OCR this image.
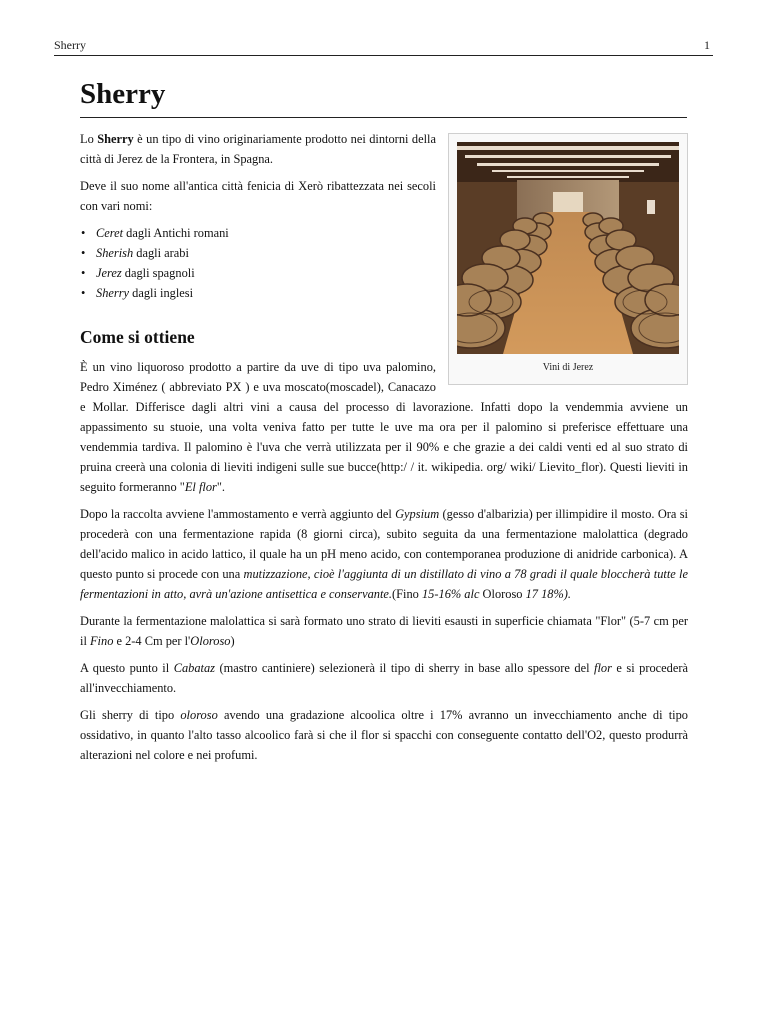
Sherry	1
Sherry
Vini di Jerez

Lo Sherry è un tipo di vino originariamente prodotto nei dintorni della città di Jerez de la Frontera, in Spagna.

Deve il suo nome all'antica città fenicia di Xerò ribattezzata nei secoli con vari nomi:

• Ceret dagli Antichi romani
• Sherish dagli arabi
• Jerez dagli spagnoli
• Sherry dagli inglesi
Come si ottiene

È un vino liquoroso prodotto a partire da uve di tipo uva palomino, Pedro Ximénez ( abbreviato PX ) e uva moscato(moscadel), Canacazo e Mollar. Differisce dagli altri vini a causa del processo di lavorazione. Infatti dopo la vendemmia avviene un appassimento su stuoie, una volta veniva fatto per tutte le uve ma ora per il palomino si preferisce effettuare una vendemmia tardiva. Il palomino è l'uva che verrà utilizzata per il 90% e che grazie a dei caldi venti ed al suo strato di pruina creerà una colonia di lieviti indigeni sulle sue bucce(http:/ / it. wikipedia. org/ wiki/ Lievito_flor). Questi lieviti in seguito formeranno "El flor".

Dopo la raccolta avviene l'ammostamento e verrà aggiunto del Gypsium (gesso d'albarizia) per illimpidire il mosto. Ora si procederà con una fermentazione rapida (8 giorni circa), subito seguita da una fermentazione malolattica (degrado dell'acido malico in acido lattico, il quale ha un pH meno acido, con contemporanea produzione di anidride carbonica). A questo punto si procede con una mutizzazione, cioè l'aggiunta di un distillato di vino a 78 gradi il quale bloccherà tutte le fermentazioni in atto, avrà un'azione antisettica e conservante.(Fino 15-16% alc Oloroso 17 18%).

Durante la fermentazione malolattica si sarà formato uno strato di lieviti esausti in superficie chiamata "Flor" (5-7 cm per il Fino e 2-4 Cm per l'Oloroso)

A questo punto il Cabataz (mastro cantiniere) selezionerà il tipo di sherry in base allo spessore del flor e si procederà all'invecchiamento.

Gli sherry di tipo oloroso avendo una gradazione alcoolica oltre i 17% avranno un invecchiamento anche di tipo ossidativo, in quanto l'alto tasso alcoolico farà si che il flor si spacchi con conseguente contatto dell'O2, questo produrrà alterazioni nel colore e nei profumi.
